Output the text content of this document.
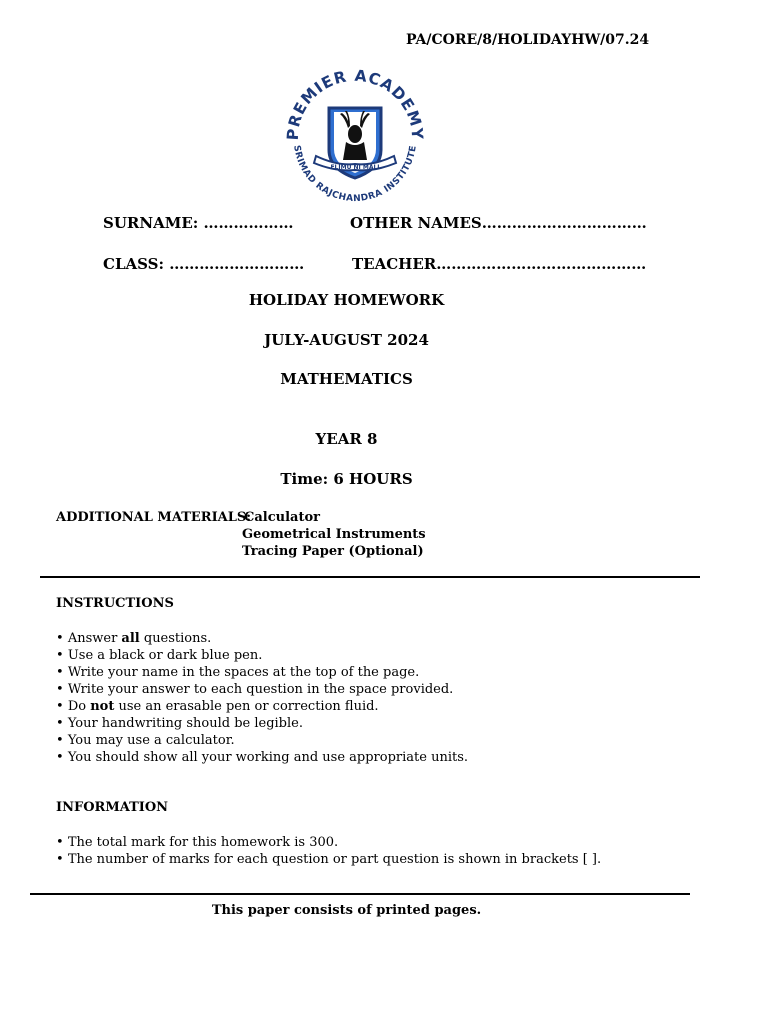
PA/CORE/8/HOLIDAYHW/07.24
PREMIER ACADEMY
SRIMAD RAJCHANDRA INSTITUTE
ELIMU NI MALI
SURNAME: ………………	OTHER NAMES……………………………
CLASS: ………………………	TEACHER……………………………………
HOLIDAY HOMEWORK
JULY-AUGUST 2024
MATHEMATICS
YEAR 8
Time: 6 HOURS
ADDITIONAL MATERIALS:
Calculator
Geometrical Instruments
Tracing Paper (Optional)
INSTRUCTIONS
• Answer all questions.
• Use a black or dark blue pen.
• Write your name in the spaces at the top of the page.
• Write your answer to each question in the space provided.
• Do not use an erasable pen or correction fluid.
• Your handwriting should be legible.
• You may use a calculator.
• You should show all your working and use appropriate units.
INFORMATION
• The total mark for this homework is 300.
• The number of marks for each question or part question is shown in brackets [ ].
This paper consists of printed pages.
